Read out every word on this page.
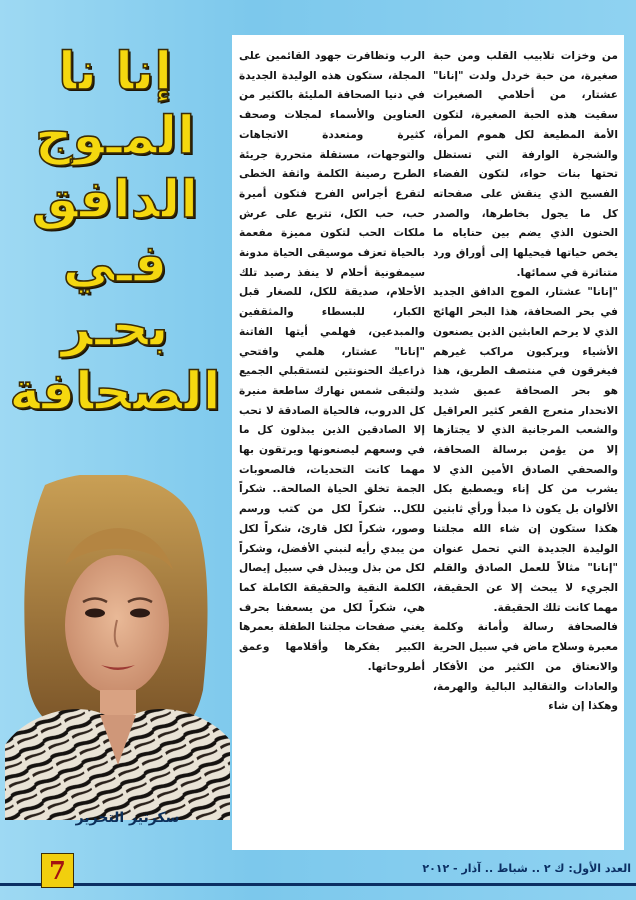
إنا نا
المـوج
الدافق
فـي
بحـر
الصحافة
سكرتير التحرير

من وخزات تلابيب القلب ومن حبة صغيرة، من حبة خردل ولدت "إنانا" عشتار، من أحلامي الصغيرات سقيت هذه الحبة الصغيرة، لتكون الأمة المطيعة لكل هموم المرأة، والشجرة الوارفة التي تستظل تحتها بنات حواء، لتكون الفضاء الفسيح الذي ينقش على صفحاته كل ما يجول بخاطرها، والصدر الحنون الذي يضم بين حناياه ما يخص حياتها فيحيلها إلى أوراق ورد متناثرة في سمائها.

"إنانا" عشتار، الموج الدافق الجديد في بحر الصحافة، هذا البحر الهائج الذي لا يرحم العابثين الذين يصنعون الأشياء ويركبون مراكب غيرهم فيغرقون في منتصف الطريق، هذا هو بحر الصحافة عميق شديد الانحدار متعرج القعر كثير العراقيل والشعب المرجانية الذي لا يجتازها إلا من يؤمن برسالة الصحافة، والصحفي الصادق الأمين الذي لا يشرب من كل إناء ويصطبغ بكل الألوان بل يكون ذا مبدأ ورأي ثابتين هكذا ستكون إن شاء الله مجلتنا الوليدة الجديدة التي تحمل عنوان "إنانا" مثالاً للعمل الصادق والقلم الجريء لا يبحث إلا عن الحقيقة، مهما كانت تلك الحقيقة.

فالصحافة رسالة وأمانة وكلمة معبرة وسلاح ماض في سبيل الحرية والانعتاق من الكثير من الأفكار والعادات والتقاليد البالية والهرمة، وهكذا إن شاء

الرب وتظافرت جهود القائمين على المجلة، ستكون هذه الوليدة الجديدة في دنيا الصحافة المليئة بالكثير من العناوين والأسماء لمجلات وصحف كثيرة ومتعددة الاتجاهات والتوجهات، مستقلة متحررة جريئة الطرح رصينة الكلمة واثقة الخطى لتقرع أجراس الفرح فتكون أميرة حب، حب الكل، تتربع على عرش ملكات الحب لتكون مميزة مفعمة بالحياة تعزف موسيقى الحياة مدونة سيمفونية أحلام لا ينفذ رصيد تلك الأحلام، صديقة للكل، للصغار قبل الكبار، للبسطاء والمثقفين والمبدعين، فهلمي أيتها الفاتنة "إنانا" عشتار، هلمي وافتحي ذراعيك الحنونتين لتستقبلي الجميع ولتبقى شمس نهارك ساطعة منيرة كل الدروب، فالحياة الصادقة لا تحب إلا الصادقين الذين يبذلون كل ما في وسعهم ليصنعونها ويرتقون بها مهما كانت التحديات، فالصعوبات الجمة تخلق الحياة الصالحة.. شكراً للكل.. شكراً لكل من كتب ورسم وصور، شكراً لكل قارئ، شكراً لكل من يبدي رأيه لنبني الأفضل، وشكراً لكل من بذل ويبذل في سبيل إيصال الكلمة النقية والحقيقة الكاملة كما هي، شكراً لكل من يسعفنا بحرف يغني صفحات مجلتنا الطفلة بعمرها الكبير بفكرها وأقلامها وعمق أطروحاتها.

7	العدد الأول: ك ٢ .. شباط .. آذار - ٢٠١٢
